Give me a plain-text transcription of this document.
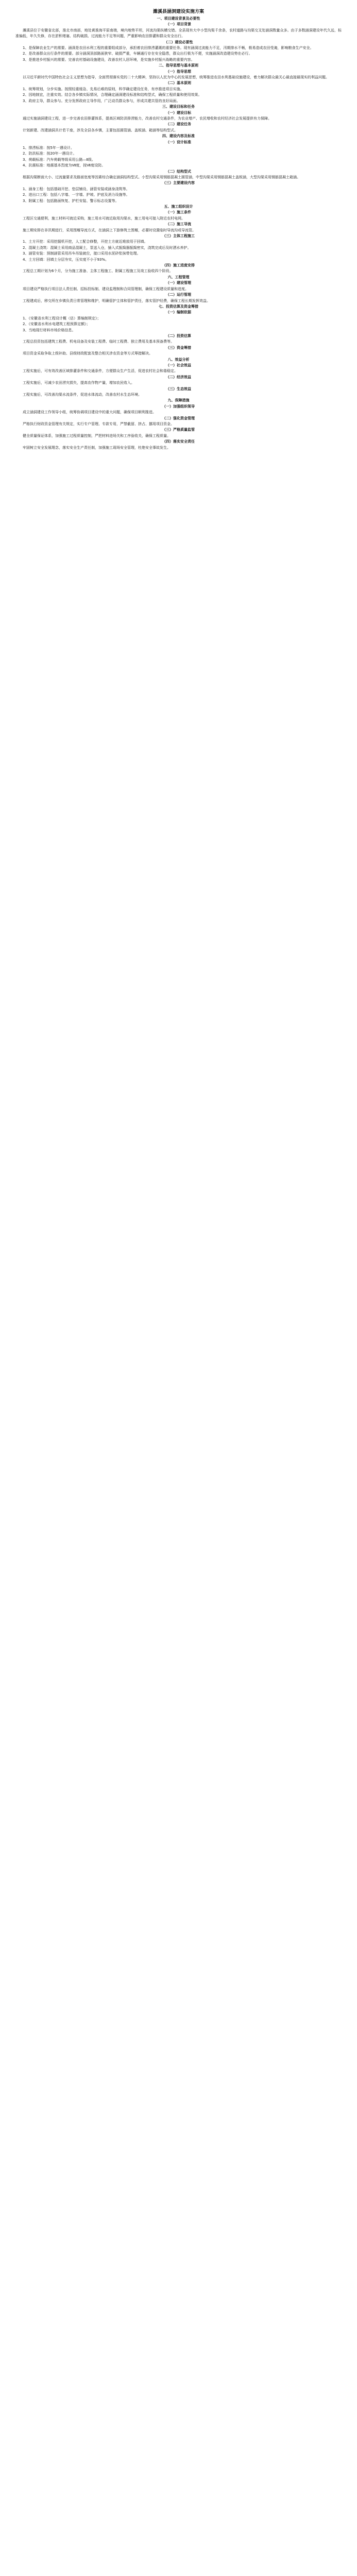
濉溪县涵洞建设实施方案
一、项目建设背景及必要性
（一）项目背景
濉溪县位于安徽省北部，淮北市南部，地处黄淮海平原南端，境内地势平坦，河流沟渠纵横交错。全县现有大中小型沟渠千余条，农村道路与沟渠交叉处涵洞数量众多。由于多数涵洞建设年代久远，标准偏低，年久失修，存在淤积堵塞、结构破损、过流能力不足等问题，严重影响农田排灌和群众安全出行。
（二）建设必要性
1、是保障农业生产的需要。涵洞是农田水利工程的重要组成部分，承担着农田排涝灌溉的重要任务。现有涵洞过流能力不足，汛期排水不畅，极易造成农田受淹，影响粮食生产安全。
2、是改善群众出行条件的需要。部分涵洞顶部路面狭窄、破损严重，车辆通行存在安全隐患，群众出行极为不便，实施涵洞改造建设势在必行。
3、是推进乡村振兴的需要。完善农村基础设施建设，改善农村人居环境，是实施乡村振兴战略的重要内容。
二、指导思想与基本原则
（一）指导思想
以习近平新时代中国特色社会主义思想为指导，全面贯彻落实党的二十大精神，坚持以人民为中心的发展思想，统筹推进农田水利基础设施建设，着力解决群众最关心最直接最现实的利益问题。
（二）基本原则
1、统筹规划，分步实施。按照轻重缓急、先易后难的原则，科学确定建设任务，有序推进项目实施。
2、因地制宜，注重实效。结合各乡镇实际情况，合理确定涵洞建设标准和结构型式，确保工程质量和使用效果。
3、政府主导，群众参与。充分发挥政府主导作用，广泛动员群众参与，形成共建共管的良好局面。
三、建设目标和任务
（一）建设目标
通过实施涵洞建设工程，进一步完善农田排灌体系，提高区域防洪排涝能力，改善农村交通条件，为农业增产、农民增收和农村经济社会发展提供有力保障。
（二）建设任务
计划新建、改建涵洞共计若干座，涉及全县各乡镇，主要包括圆管涵、盖板涵、箱涵等结构型式。
四、建设内容及标准
（一）设计标准
1、排涝标准：按5年一遇设计。
2、防洪标准：按20年一遇设计。
3、荷载标准：汽车荷载等级采用公路—Ⅱ级。
4、抗震标准：地震基本烈度为Ⅶ度，按Ⅶ度设防。
（二）结构型式
根据沟渠断面大小、过流量要求及路面宽度等因素综合确定涵洞结构型式。小型沟渠采用钢筋混凝土圆管涵，中型沟渠采用钢筋混凝土盖板涵，大型沟渠采用钢筋混凝土箱涵。
（三）主要建设内容
1、涵身工程：包括基础开挖、垫层铺设、涵管安装或涵身浇筑等。
2、进出口工程：包括八字墙、一字墙、护坡、护底及消力设施等。
3、附属工程：包括路面恢复、护栏安装、警示标志设置等。
五、施工组织设计
（一）施工条件
工程区交通便利，施工材料可就近采购，施工用水可就近取用沟渠水，施工用电可接入附近农村电网。
（二）施工导流
施工期安排在非汛期进行，采用围堰导流方式，在涵洞上下游修筑土围堰，必要时设置临时导流沟或导流管。
（三）主体工程施工
1、土方开挖：采用挖掘机开挖，人工配合修整，开挖土方就近堆放用于回填。
2、混凝土浇筑：混凝土采用商品混凝土，泵送入仓，插入式振捣器振捣密实，浇筑完成后及时洒水养护。
3、涵管安装：预制涵管采用吊车吊装就位，接口采用水泥砂浆抹带处理。
4、土方回填：回填土分层夯实，压实度不小于93%。
（四）施工进度安排
工程总工期计划为6个月，分为施工准备、主体工程施工、附属工程施工及竣工验收四个阶段。
六、工程管理
（一）建设管理
项目建设严格执行项目法人责任制、招标投标制、建设监理制和合同管理制，确保工程建设质量和进度。
（二）运行管理
工程建成后，移交所在乡镇负责日常管理和维护，明确管护主体和管护责任，落实管护经费，确保工程长期发挥效益。
七、投资估算及资金筹措
（一）编制依据
1、《安徽省水利工程设计概（估）算编制规定》；
2、《安徽省水利水电建筑工程预算定额》；
3、当地现行材料市场价格信息。
（二）投资估算
工程总投资包括建筑工程费、机电设备及安装工程费、临时工程费、独立费用及基本预备费等。
（三）资金筹措
项目资金采取争取上级补助、县级财政配套及整合相关涉农资金等方式筹措解决。
八、效益分析
（一）社会效益
工程实施后，可有效改善区域排灌条件和交通条件，方便群众生产生活，促进农村社会和谐稳定。
（二）经济效益
工程实施后，可减少农田涝灾损失，提高农作物产量，增加农民收入。
（三）生态效益
工程实施后，可改善沟渠水流条件，促进水体流动，改善农村水生态环境。
九、保障措施
（一）加强组织领导
成立涵洞建设工作领导小组，统筹协调项目建设中的重大问题，确保项目顺利推进。
（二）强化资金管理
严格执行财政资金管理有关规定，实行专户管理、专款专用，严禁截留、挤占、挪用项目资金。
（三）严格质量监管
健全质量保证体系，加强施工过程质量控制，严把材料进场关和工序验收关，确保工程质量。
（四）落实安全责任
牢固树立安全发展理念，落实安全生产责任制，加强施工现场安全管理，杜绝安全事故发生。
